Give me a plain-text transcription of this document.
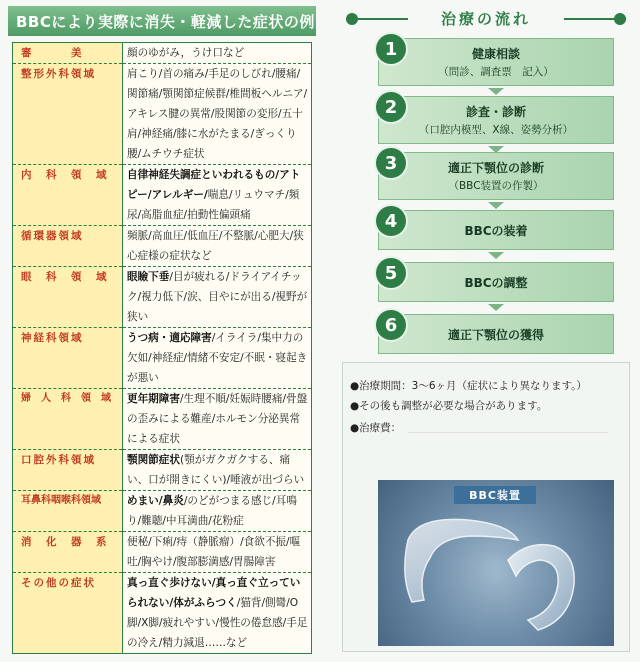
BBCにより実際に消失・軽減した症状の例
審　　　美	顔のゆがみ，うけ口など
整形外科領域	肩こり/首の痛み/手足のしびれ/腰痛/関節痛/顎関節症候群/椎間板ヘルニア/アキレス腱の異常/股関節の変形/五十肩/神経痛/膝に水がたまる/ぎっくり腰/ムチウチ症状
内　科　領　域	自律神経失調症といわれるもの/アトピー/アレルギー/喘息/リュウマチ/頻尿/高脂血症/拍動性偏頭痛
循環器領域	頻脈/高血圧/低血圧/不整脈/心肥大/狭心症様の症状など
眼　科　領　域	眼瞼下垂/目が疲れる/ドライアイチック/視力低下/涙、目やにが出る/視野が狭い
神経科領域	うつ病・適応障害/イライラ/集中力の欠如/神経症/情緒不安定/不眠・寝起きが悪い
婦　人　科　領　域	更年期障害/生理不順/妊娠時腰痛/骨盤の歪みによる難産/ホルモン分泌異常による症状
口腔外科領域	顎関節症状(顎がガクガクする、痛い、口が開きにくい)/唾液が出づらい
耳鼻科咽喉科領域	めまい/鼻炎/のどがつまる感じ/耳鳴り/難聴/中耳満曲/花粉症
消　化　器　系	便秘/下痢/痔（静脈瘤）/食欲不振/嘔吐/胸やけ/腹部膨満感/胃腸障害
その他の症状	真っ直ぐ歩けない/真っ直ぐ立っていられない/体がふらつく/猫背/側彎/O脚/X脚/疲れやすい/慢性の倦怠感/手足の冷え/精力減退……など
治療の流れ
健康相談
（問診、調査票　記入）
1
診査・診断
（口腔内模型、X線、姿勢分析）
2
適正下顎位の診断
（BBC装置の作製）
3
BBCの装着
4
BBCの調整
5
適正下顎位の獲得
6
●治療期間：3～6ヶ月（症状により異なります。）
●その後も調整が必要な場合があります。
●治療費：
BBC装置
